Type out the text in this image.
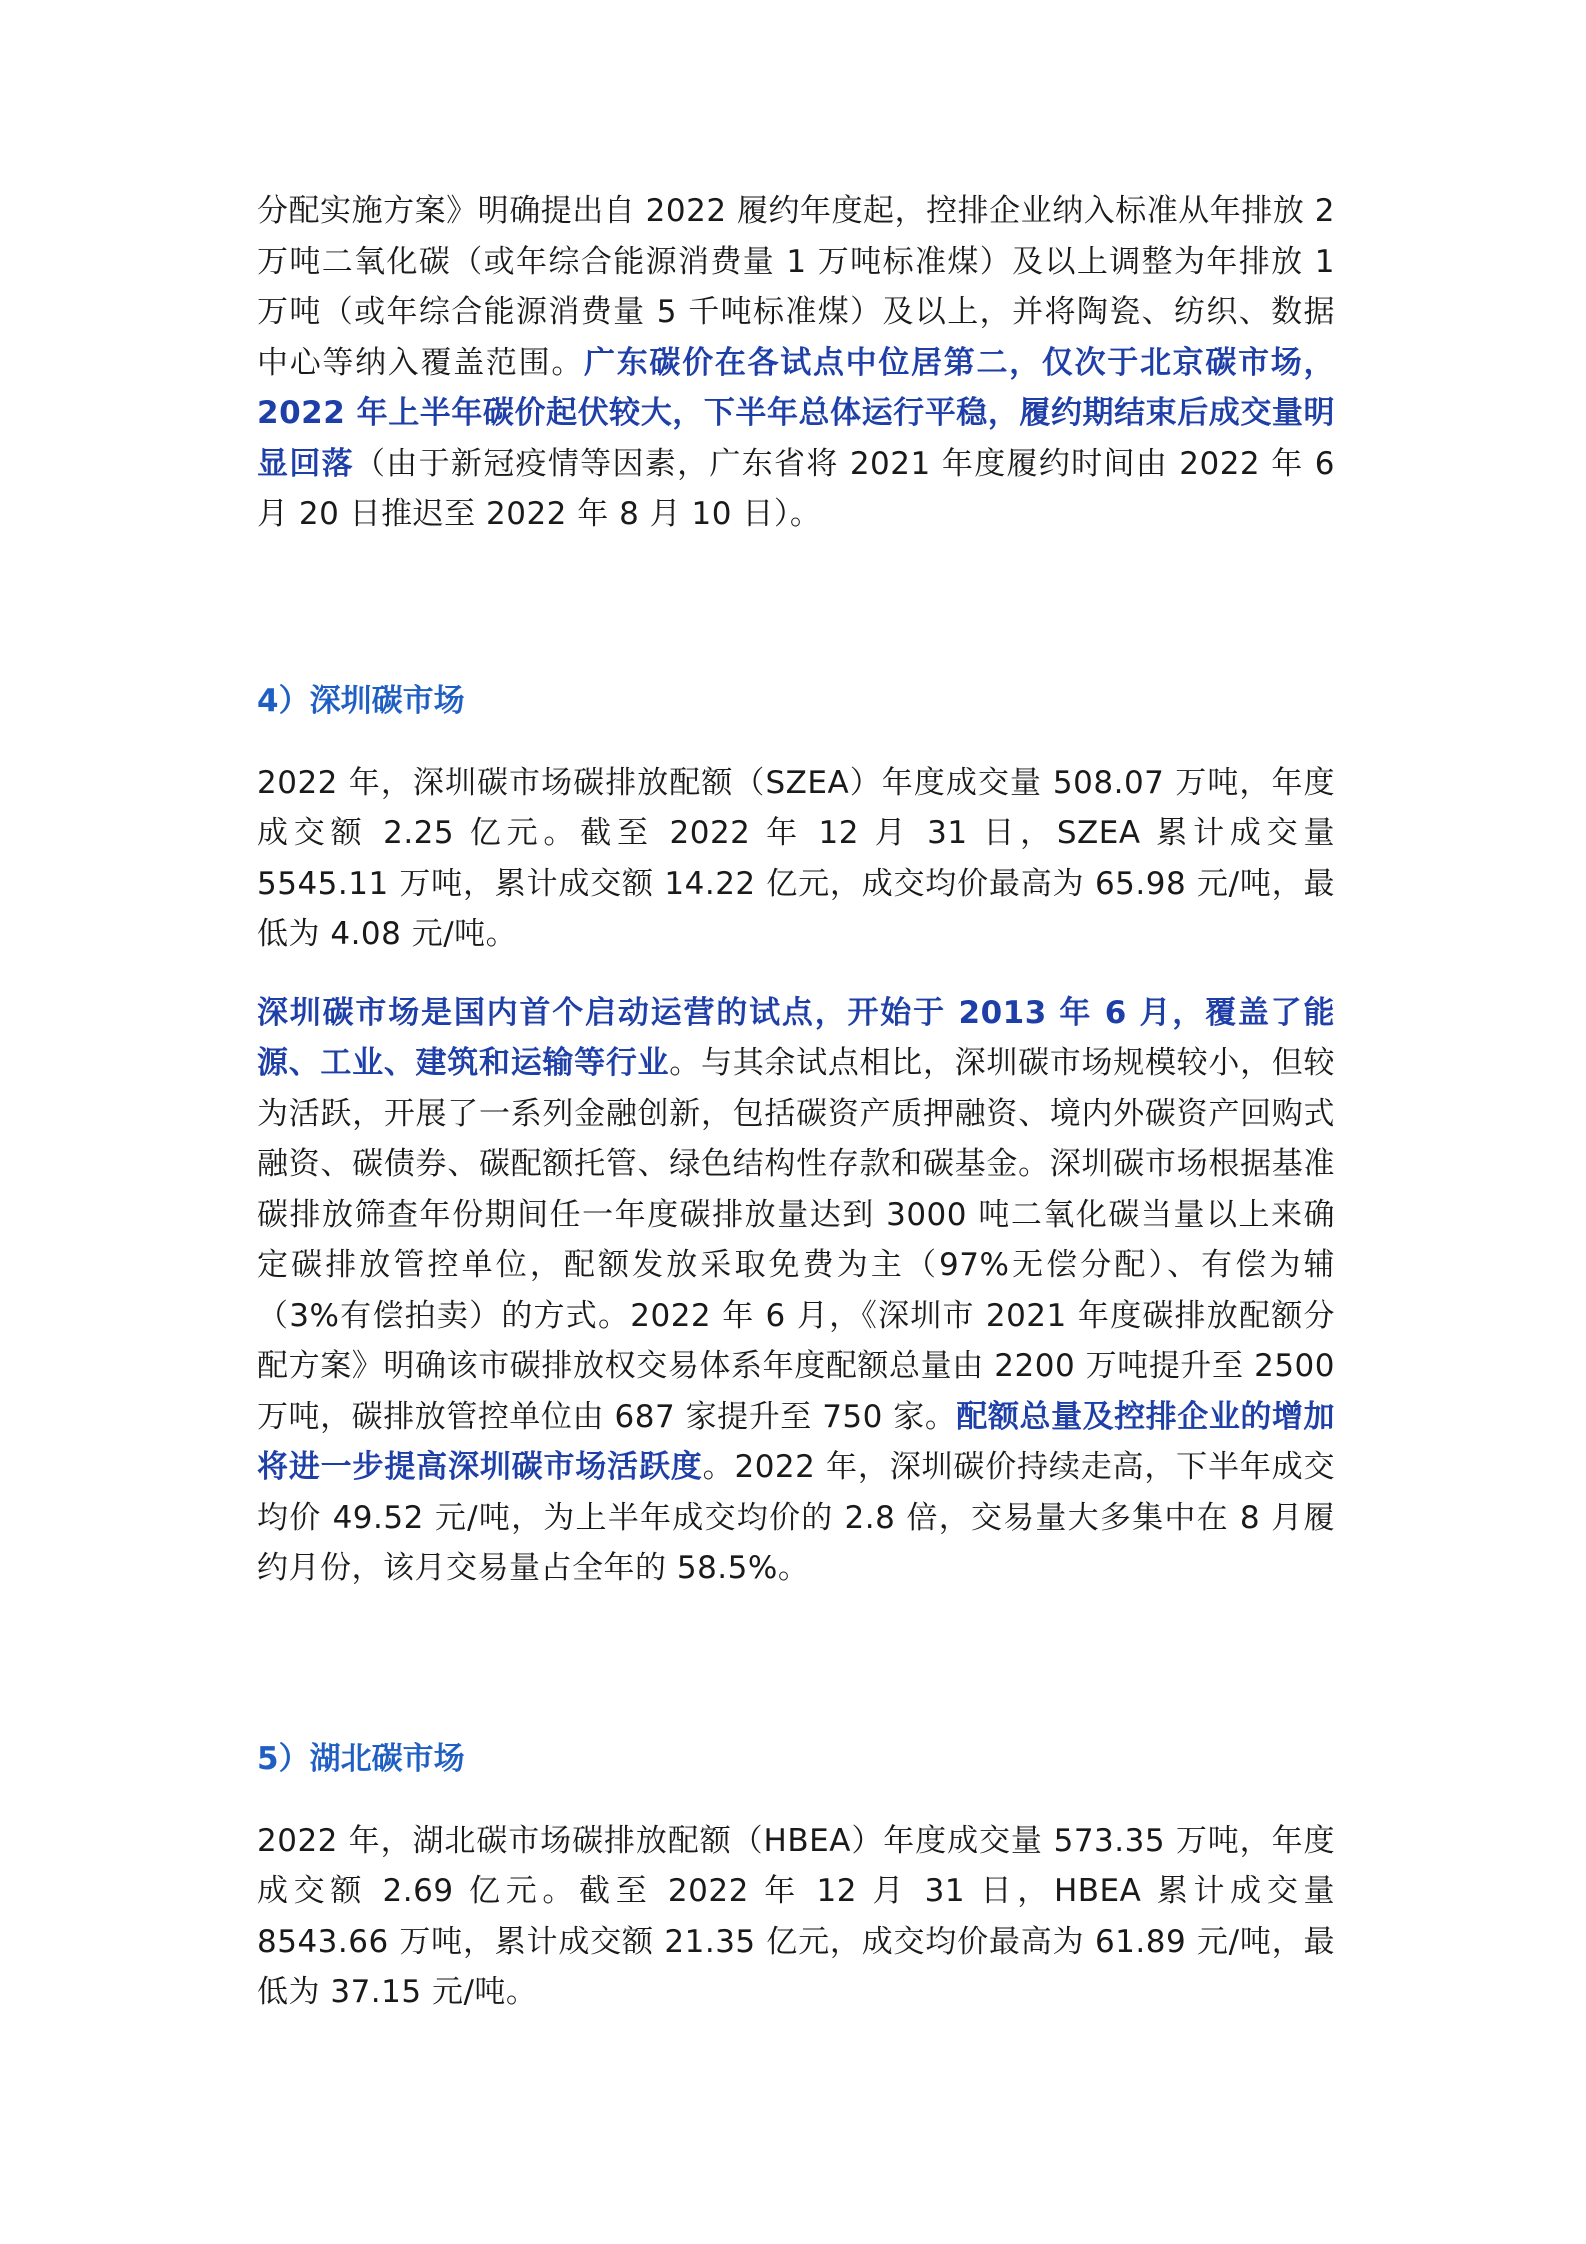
分配实施方案》明确提出自 2022 履约年度起，控排企业纳入标准从年排放 2 万吨二氧化碳（或年综合能源消费量 1 万吨标准煤）及以上调整为年排放 1 万吨（或年综合能源消费量 5 千吨标准煤）及以上，并将陶瓷、纺织、数据中心等纳入覆盖范围。广东碳价在各试点中位居第二，仅次于北京碳市场，2022 年上半年碳价起伏较大，下半年总体运行平稳，履约期结束后成交量明显回落（由于新冠疫情等因素，广东省将 2021 年度履约时间由 2022 年 6 月 20 日推迟至 2022 年 8 月 10 日）。

4）深圳碳市场

2022 年，深圳碳市场碳排放配额（SZEA）年度成交量 508.07 万吨，年度成交额 2.25 亿元。截至 2022 年 12 月 31 日，SZEA 累计成交量 5545.11 万吨，累计成交额 14.22 亿元，成交均价最高为 65.98 元/吨，最低为 4.08 元/吨。

深圳碳市场是国内首个启动运营的试点，开始于 2013 年 6 月，覆盖了能源、工业、建筑和运输等行业。与其余试点相比，深圳碳市场规模较小，但较为活跃，开展了一系列金融创新，包括碳资产质押融资、境内外碳资产回购式融资、碳债券、碳配额托管、绿色结构性存款和碳基金。深圳碳市场根据基准碳排放筛查年份期间任一年度碳排放量达到 3000 吨二氧化碳当量以上来确定碳排放管控单位，配额发放采取免费为主（97%无偿分配）、有偿为辅（3%有偿拍卖）的方式。2022 年 6 月，《深圳市 2021 年度碳排放配额分配方案》明确该市碳排放权交易体系年度配额总量由 2200 万吨提升至 2500 万吨，碳排放管控单位由 687 家提升至 750 家。配额总量及控排企业的增加将进一步提高深圳碳市场活跃度。2022 年，深圳碳价持续走高，下半年成交均价 49.52 元/吨，为上半年成交均价的 2.8 倍，交易量大多集中在 8 月履约月份，该月交易量占全年的 58.5%。

5）湖北碳市场

2022 年，湖北碳市场碳排放配额（HBEA）年度成交量 573.35 万吨，年度成交额 2.69 亿元。截至 2022 年 12 月 31 日，HBEA 累计成交量 8543.66 万吨，累计成交额 21.35 亿元，成交均价最高为 61.89 元/吨，最低为 37.15 元/吨。
